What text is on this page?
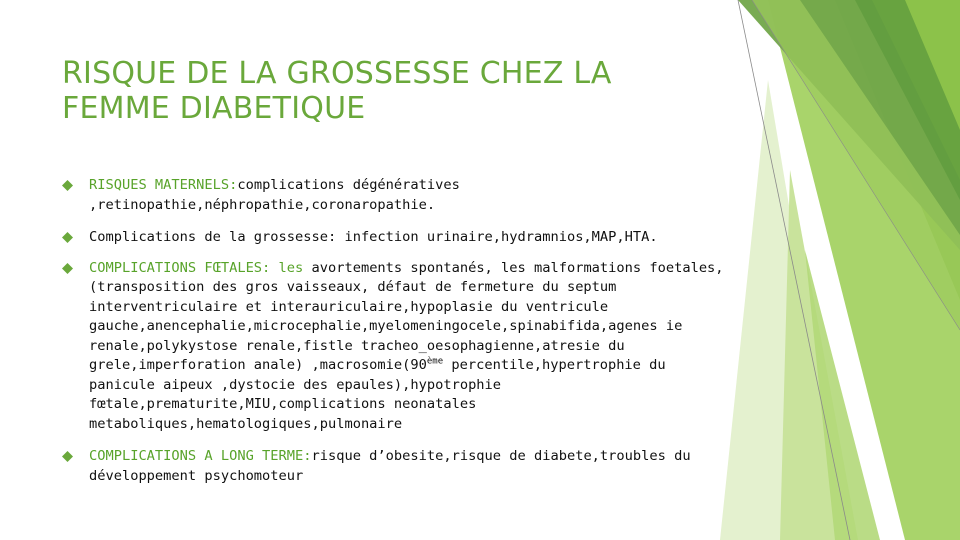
RISQUE DE LA GROSSESSE CHEZ LA FEMME DIABETIQUE
RISQUES MATERNELS:complications dégénératives ,retinopathie,néphropathie,coronaropathie.
Complications de la grossesse: infection urinaire,hydramnios,MAP,HTA.
COMPLICATIONS FŒTALES: les avortements spontanés, les malformations foetales,(transposition des gros vaisseaux, défaut de fermeture du septum interventriculaire et interauriculaire,hypoplasie du ventricule gauche,anencephalie,microcephalie,myelomeningocele,spinabifida,agenes ie renale,polykystose renale,fistle tracheo_oesophagienne,atresie du grele,imperforation anale) ,macrosomie(90ème percentile,hypertrophie du panicule aipeux ,dystocie des epaules),hypotrophie fœtale,prematurite,MIU,complications neonatales metaboliques,hematologiques,pulmonaire
COMPLICATIONS A LONG TERME:risque d’obesite,risque de diabete,troubles du développement psychomoteur
